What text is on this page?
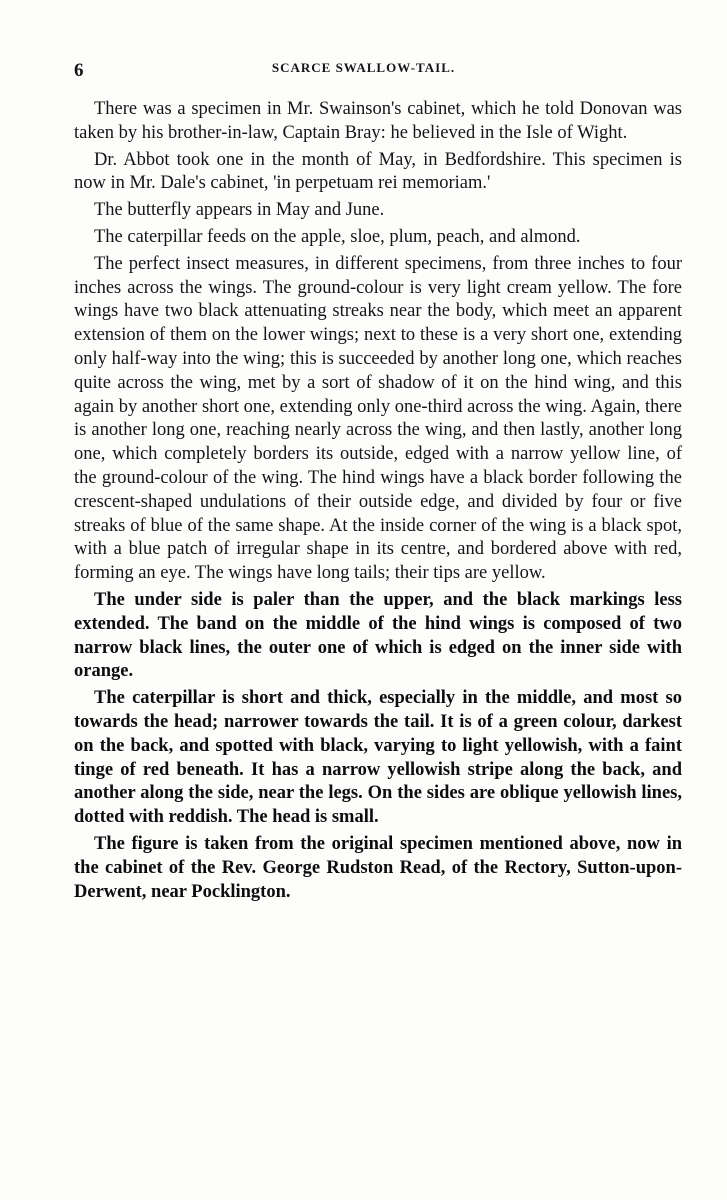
6	SCARCE SWALLOW-TAIL.

There was a specimen in Mr. Swainson's cabinet, which he told Donovan was taken by his brother-in-law, Captain Bray: he believed in the Isle of Wight.

Dr. Abbot took one in the month of May, in Bedfordshire. This specimen is now in Mr. Dale's cabinet, 'in perpetuam rei memoriam.'

The butterfly appears in May and June.

The caterpillar feeds on the apple, sloe, plum, peach, and almond.

The perfect insect measures, in different specimens, from three inches to four inches across the wings. The ground-colour is very light cream yellow. The fore wings have two black attenuating streaks near the body, which meet an apparent extension of them on the lower wings; next to these is a very short one, extending only half-way into the wing; this is succeeded by another long one, which reaches quite across the wing, met by a sort of shadow of it on the hind wing, and this again by another short one, extending only one-third across the wing. Again, there is another long one, reaching nearly across the wing, and then lastly, another long one, which completely borders its outside, edged with a narrow yellow line, of the ground-colour of the wing. The hind wings have a black border following the crescent-shaped undulations of their outside edge, and divided by four or five streaks of blue of the same shape. At the inside corner of the wing is a black spot, with a blue patch of irregular shape in its centre, and bordered above with red, forming an eye. The wings have long tails; their tips are yellow.

The under side is paler than the upper, and the black markings less extended. The band on the middle of the hind wings is composed of two narrow black lines, the outer one of which is edged on the inner side with orange.

The caterpillar is short and thick, especially in the middle, and most so towards the head; narrower towards the tail. It is of a green colour, darkest on the back, and spotted with black, varying to light yellowish, with a faint tinge of red beneath. It has a narrow yellowish stripe along the back, and another along the side, near the legs. On the sides are oblique yellowish lines, dotted with reddish. The head is small.

The figure is taken from the original specimen mentioned above, now in the cabinet of the Rev. George Rudston Read, of the Rectory, Sutton-upon-Derwent, near Pocklington.
